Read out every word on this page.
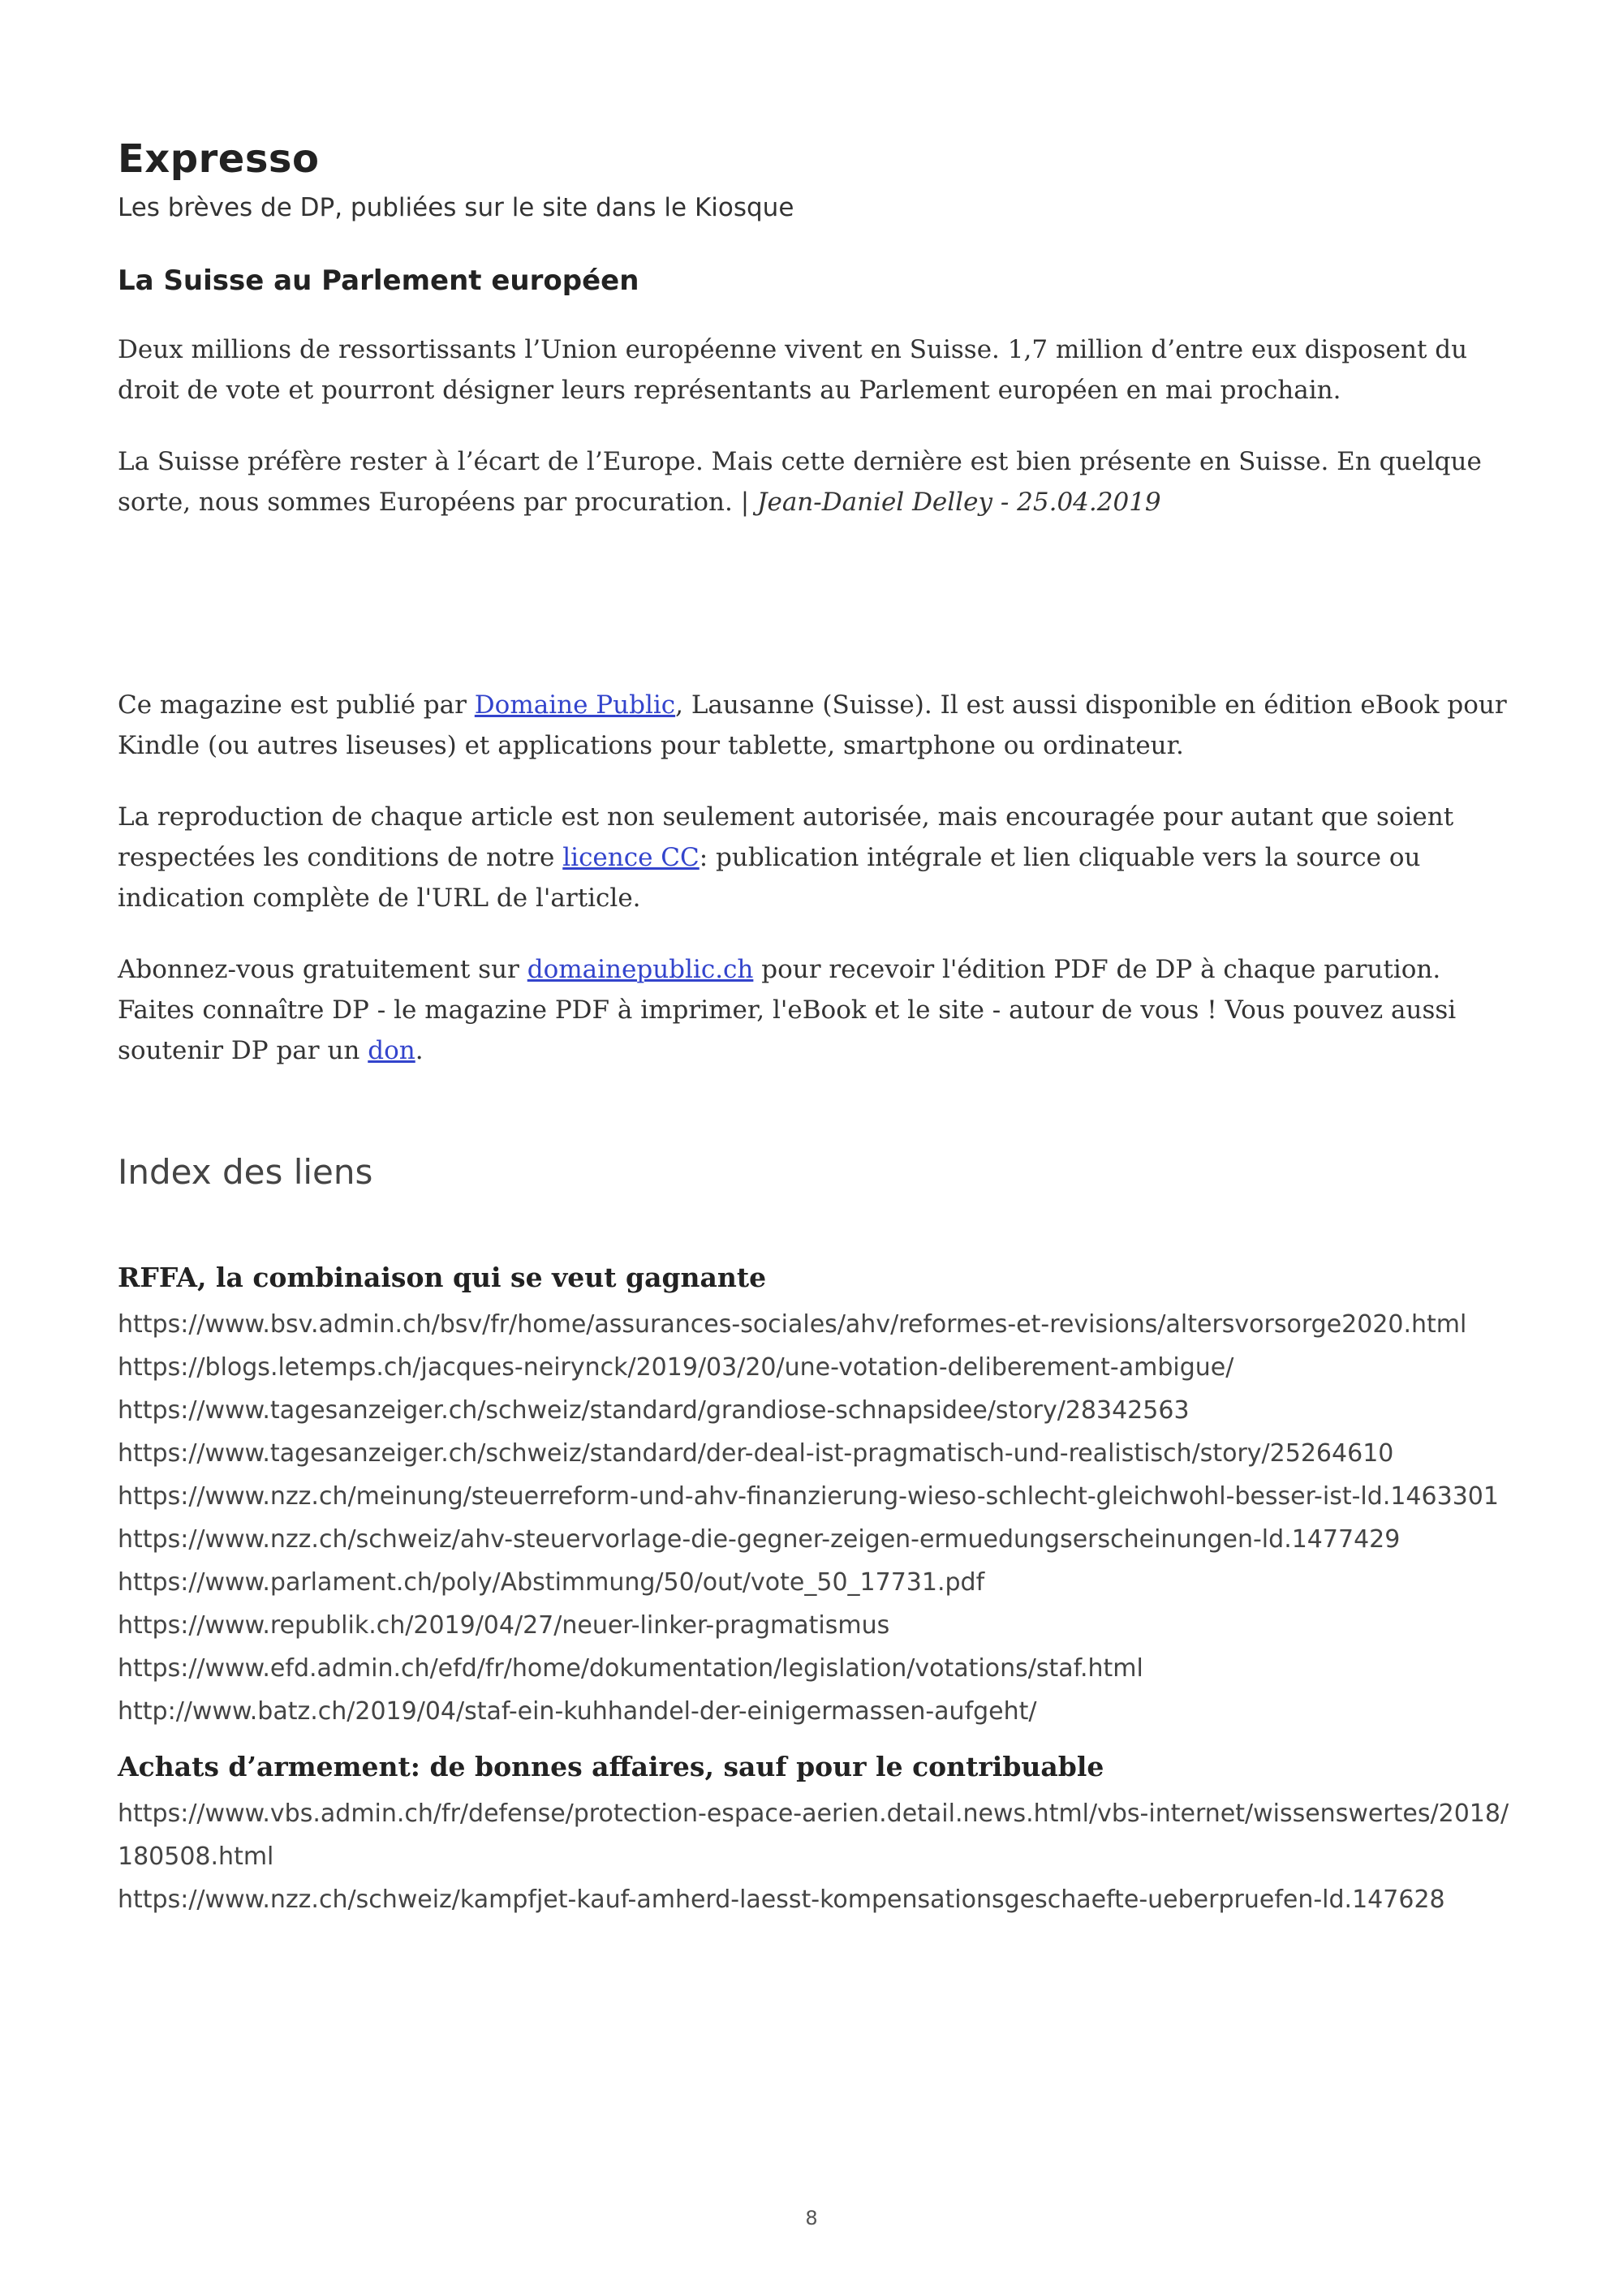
Expresso

Les brèves de DP, publiées sur le site dans le Kiosque

La Suisse au Parlement européen

Deux millions de ressortissants l’Union européenne vivent en Suisse. 1,7 million d’entre eux disposent du droit de vote et pourront désigner leurs représentants au Parlement européen en mai prochain.

La Suisse préfère rester à l’écart de l’Europe. Mais cette dernière est bien présente en Suisse. En quelque sorte, nous sommes Européens par procuration. | Jean-Daniel Delley - 25.04.2019

Ce magazine est publié par Domaine Public, Lausanne (Suisse). Il est aussi disponible en édition eBook pour Kindle (ou autres liseuses) et applications pour tablette, smartphone ou ordinateur.

La reproduction de chaque article est non seulement autorisée, mais encouragée pour autant que soient respectées les conditions de notre licence CC: publication intégrale et lien cliquable vers la source ou indication complète de l'URL de l'article.

Abonnez-vous gratuitement sur domainepublic.ch pour recevoir l'édition PDF de DP à chaque parution. Faites connaître DP - le magazine PDF à imprimer, l'eBook et le site - autour de vous ! Vous pouvez aussi soutenir DP par un don.

Index des liens
RFFA, la combinaison qui se veut gagnante
https://www.bsv.admin.ch/bsv/fr/home/assurances-sociales/ahv/reformes-et-revisions/altersvorsorge2020.html
https://blogs.letemps.ch/jacques-neirynck/2019/03/20/une-votation-deliberement-ambigue/
https://www.tagesanzeiger.ch/schweiz/standard/grandiose-schnapsidee/story/28342563
https://www.tagesanzeiger.ch/schweiz/standard/der-deal-ist-pragmatisch-und-realistisch/story/25264610
https://www.nzz.ch/meinung/steuerreform-und-ahv-finanzierung-wieso-schlecht-gleichwohl-besser-ist-ld.1463301
https://www.nzz.ch/schweiz/ahv-steuervorlage-die-gegner-zeigen-ermuedungserscheinungen-ld.1477429
https://www.parlament.ch/poly/Abstimmung/50/out/vote_50_17731.pdf
https://www.republik.ch/2019/04/27/neuer-linker-pragmatismus
https://www.efd.admin.ch/efd/fr/home/dokumentation/legislation/votations/staf.html
http://www.batz.ch/2019/04/staf-ein-kuhhandel-der-einigermassen-aufgeht/
Achats d’armement: de bonnes affaires, sauf pour le contribuable
https://www.vbs.admin.ch/fr/defense/protection-espace-aerien.detail.news.html/vbs-internet/wissenswertes/2018/180508.html
https://www.nzz.ch/schweiz/kampfjet-kauf-amherd-laesst-kompensationsgeschaefte-ueberpruefen-ld.147628
8
